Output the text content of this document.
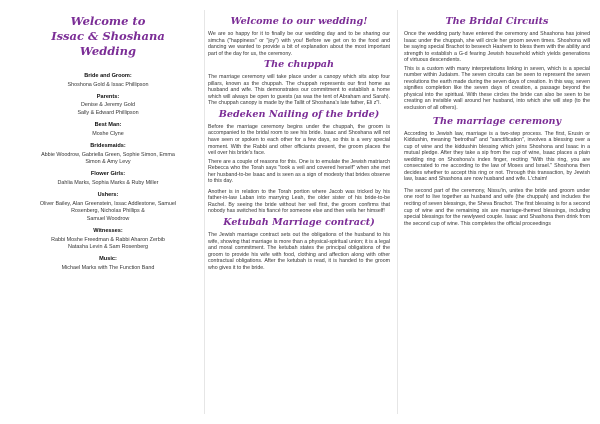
Welcome to
Issac & Shoshana
Wedding
Bride and Groom:
Shoshona Gold & Issac Phillipson
Parents:
Denise & Jeremy Gold
Sally & Edward Phillipson
Best Man:
Moshe Clyne
Bridesmaids:
Abbie Woodrow, Gabriella Green, Sophie Simon, Emma
Simon & Amy Levy
Flower Girls:
Dahlia Marks, Sophia Marks & Ruby Miller
Ushers:
Oliver Bailey, Alan Greenstein, Issac Addlestone, Samuel
Rosenberg, Nicholas Phillips &
Samuel Woodrow
Witnesses:
Rabbi Moshe Freedman & Rabbi Aharon Zerbib
Natasha Levin & Sam Rosenberg
Music:
Michael Marks with The Function Band
Welcome to our wedding!

We are so happy for it to finally be our wedding day and to be sharing our simcha ("happiness" or "joy") with you! Before we get on to the food and dancing we wanted to provide a bit of explanation about the most important part of the day for us, the ceremony.

The chuppah

The marriage ceremony will take place under a canopy which sits atop four pillars, known as the chuppah. The chuppah represents our first home as husband and wife. This demonstrates our commitment to establish a home which will always be open to guests (as was the tent of Abraham and Sarah). The chuppah canopy is made by the Tallit of Shoshana's late father, Eli z"l.

Bedeken Nailing of the bride)

Before the marriage ceremony begins under the chuppah, the groom is accompanied to the bridal room to see his bride. Isaac and Shoshana will not have seen or spoken to each other for a few days, so this is a very special moment. With the Rabbi and other officiants present, the groom places the veil over his bride's face.

There are a couple of reasons for this. One is to emulate the Jewish matriarch Rebecca who the Torah says "took a veil and covered herself" when she met her husband-to-be Isaac and is seen as a sign of modesty that brides observe to this day.

Another is in relation to the Torah portion where Jacob was tricked by his father-in-law Laban into marrying Leah, the older sister of his bride-to-be Rachel. By seeing the bride without her veil first, the groom confirms that nobody has switched his fiancé for someone else and then veils her himself!

Ketubah Marriage contract)

The Jewish marriage contract sets out the obligations of the husband to his wife, showing that marriage is more than a physical-spiritual union; it is a legal and moral commitment. The ketubah states the principal obligations of the groom to provide his wife with food, clothing and affection along with other contractual obligations. After the ketubah is read, it is handed to the groom who gives it to the bride.

The Bridal Circuits

Once the wedding party have entered the ceremony and Shashona has joined Isaac under the chuppah, she will circle her groom seven times. Shoshona will be saying special Brachot to beseech Hashem to bless them with the ability and strength to establish a G-d fearing Jewish household which yields generations of virtuous descendents.

This is a custom with many interpretations linking in seven, which is a special number within Judaism. The seven circuits can be seen to represent the seven revolutions the earth made during the seven days of creation. In this way, seven signifies completion like the seven days of creation, a passage beyond the physical into the spiritual. With these circles the bride can also be seen to be creating an invisible wall around her husband, into which she will step (to the exclusion of all others).

The marriage ceremony

According to Jewish law, marriage is a two-step process. The first, Erusin or Kiddushin, meaning "betrothal" and "sanctification", involves a blessing over a cup of wine and the kiddushin blessing which joins Shoshona and Isaac in a mutual pledge. After they take a sip from the cup of wine, Isaac places a plain wedding ring on Shoshona's index finger, reciting "With this ring, you are consecrated to me according to the law of Moses and Israel." Shoshona then decides whether to accept this ring or not. Through this transaction, by Jewish law, Isaac and Shashona are now husband and wife. L'chaim!

The second part of the ceremony, Nissu'in, unites the bride and groom under one roof to live together as husband and wife (the chuppah) and includes the reciting of seven blessings, the Sheva Brachot. The first blessing is for a second cup of wine and the remaining six are marriage-themed blessings, including special blessings for the newlywed couple. Isaac and Shashona then drink from the second cup of wine. This completes the official proceedings
